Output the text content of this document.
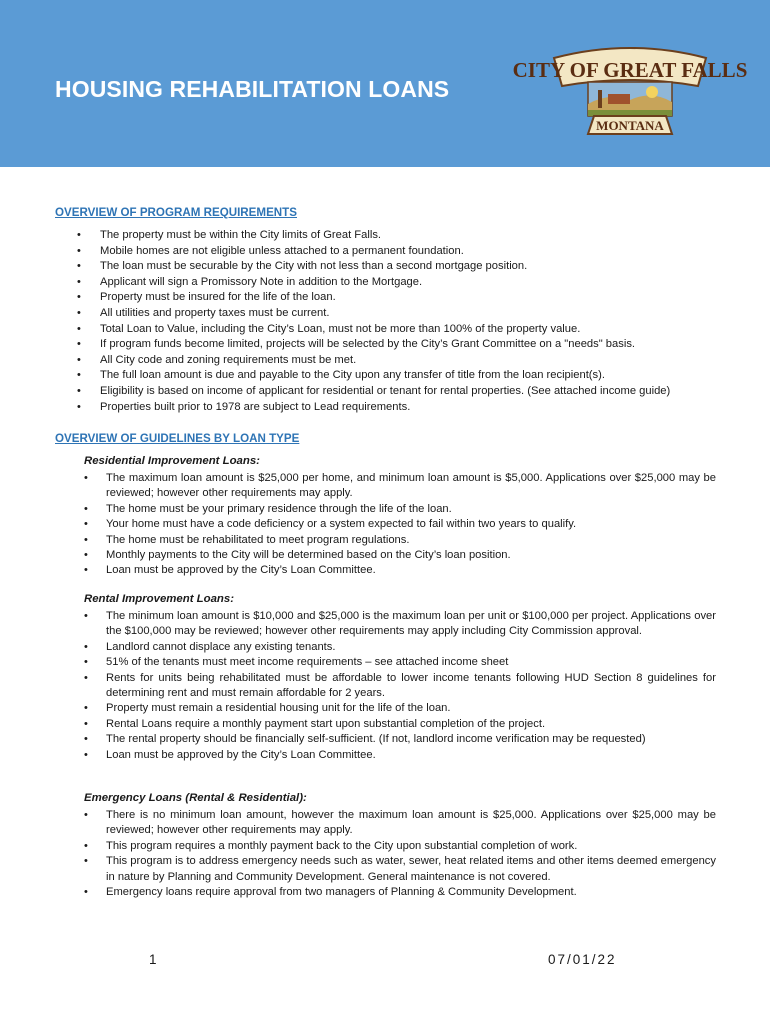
HOUSING REHABILITATION LOANS
CITY OF GREAT FALLS
MONTANA
OVERVIEW OF PROGRAM REQUIREMENTS
• The property must be within the City limits of Great Falls.
• Mobile homes are not eligible unless attached to a permanent foundation.
• The loan must be securable by the City with not less than a second mortgage position.
• Applicant will sign a Promissory Note in addition to the Mortgage.
• Property must be insured for the life of the loan.
• All utilities and property taxes must be current.
• Total Loan to Value, including the City’s Loan, must not be more than 100% of the property value.
• If program funds become limited, projects will be selected by the City’s Grant Committee on a "needs" basis.
• All City code and zoning requirements must be met.
• The full loan amount is due and payable to the City upon any transfer of title from the loan recipient(s).
• Eligibility is based on income of applicant for residential or tenant for rental properties. (See attached income guide)
• Properties built prior to 1978 are subject to Lead requirements.
OVERVIEW OF GUIDELINES BY LOAN TYPE
Residential Improvement Loans:
• The maximum loan amount is $25,000 per home, and minimum loan amount is $5,000. Applications over $25,000 may be reviewed; however other requirements may apply.
• The home must be your primary residence through the life of the loan.
• Your home must have a code deficiency or a system expected to fail within two years to qualify.
• The home must be rehabilitated to meet program regulations.
• Monthly payments to the City will be determined based on the City’s loan position.
• Loan must be approved by the City’s Loan Committee.
Rental Improvement Loans:
• The minimum loan amount is $10,000 and $25,000 is the maximum loan per unit or $100,000 per project. Applications over the $100,000 may be reviewed; however other requirements may apply including City Commission approval.
• Landlord cannot displace any existing tenants.
• 51% of the tenants must meet income requirements – see attached income sheet
• Rents for units being rehabilitated must be affordable to lower income tenants following HUD Section 8 guidelines for determining rent and must remain affordable for 2 years.
• Property must remain a residential housing unit for the life of the loan.
• Rental Loans require a monthly payment start upon substantial completion of the project.
• The rental property should be financially self-sufficient. (If not, landlord income verification may be requested)
• Loan must be approved by the City’s Loan Committee.
Emergency Loans (Rental & Residential):
• There is no minimum loan amount, however the maximum loan amount is $25,000. Applications over $25,000 may be reviewed; however other requirements may apply.
• This program requires a monthly payment back to the City upon substantial completion of work.
• This program is to address emergency needs such as water, sewer, heat related items and other items deemed emergency in nature by Planning and Community Development. General maintenance is not covered.
• Emergency loans require approval from two managers of Planning & Community Development.
1	07/01/22
